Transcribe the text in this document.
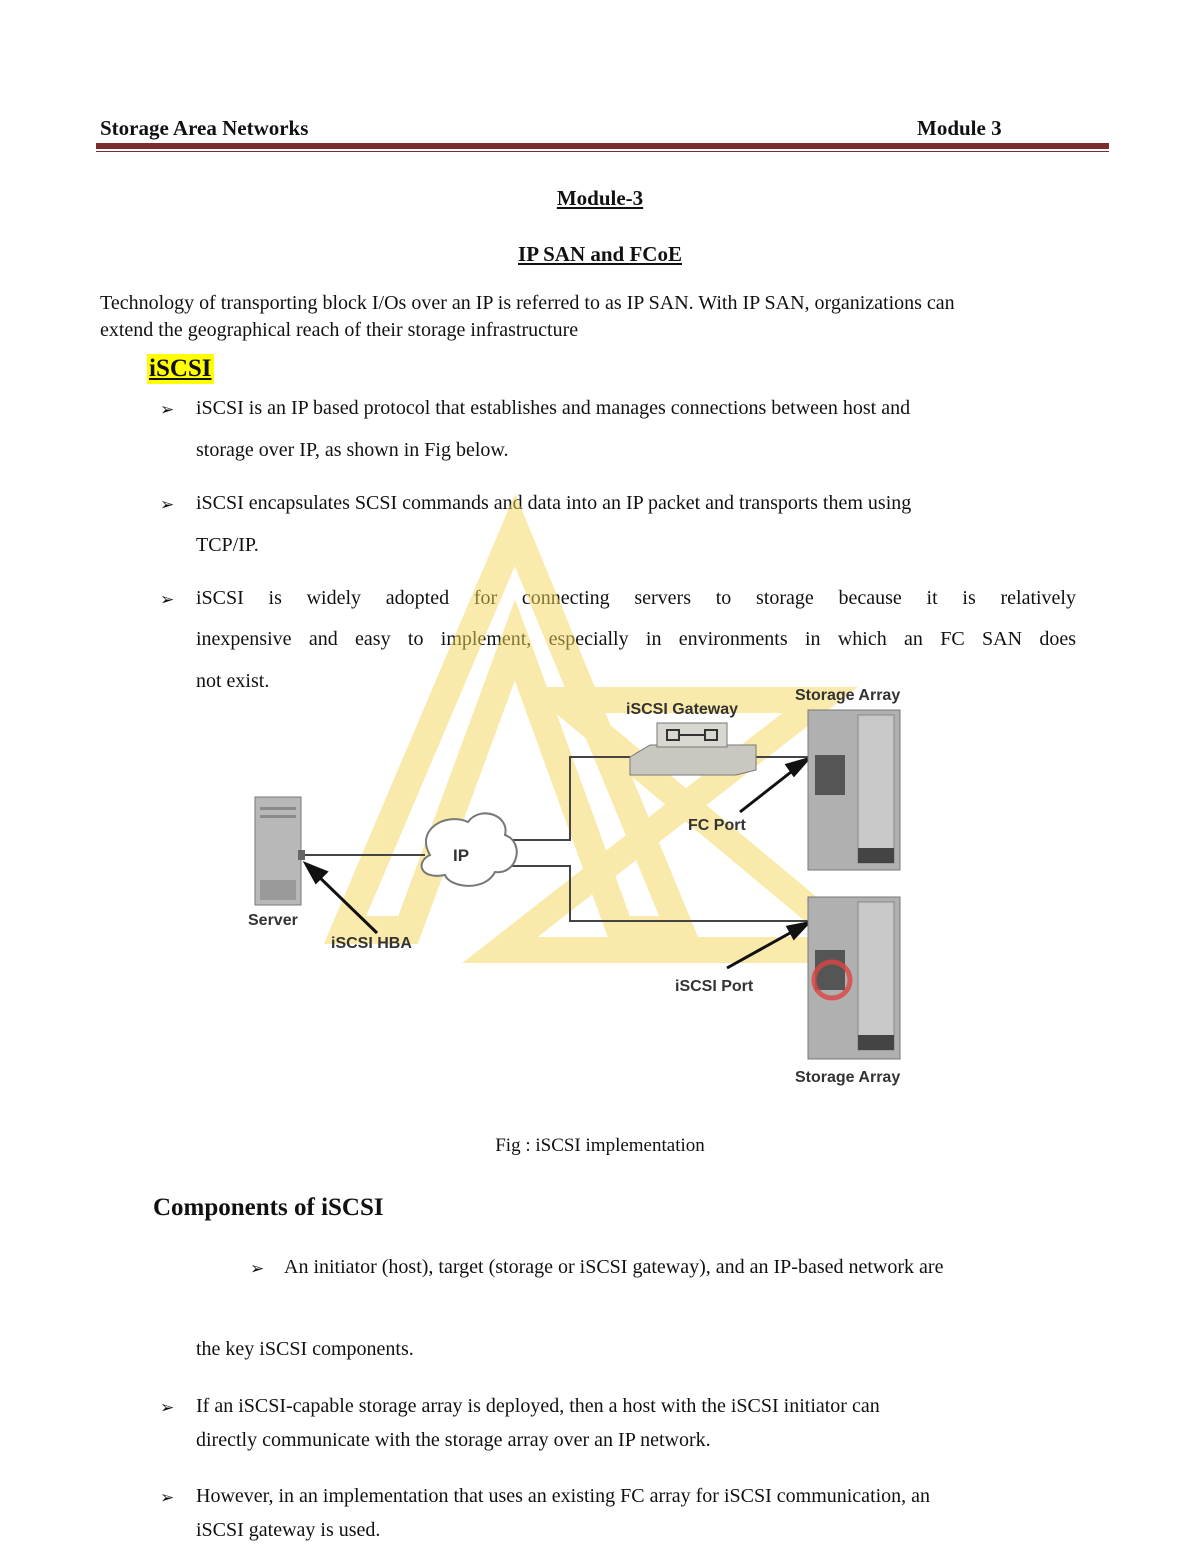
Storage Area Networks	Module 3
Module-3
IP SAN and FCoE
Technology of transporting block I/Os over an IP is referred to as IP SAN. With IP SAN, organizations can
extend the geographical reach of their storage infrastructure
iSCSI
➢ iSCSI is an IP based protocol that establishes and manages connections between host and
storage over IP, as shown in Fig below.
➢ iSCSI encapsulates SCSI commands and data into an IP packet and transports them using
TCP/IP.
➢ iSCSI is widely adopted for connecting servers to storage because it is relatively
inexpensive and easy to implement, especially in environments in which an FC SAN does
not exist.
Storage Array
iSCSI Gateway
FC Port
IP
Server
iSCSI HBA
iSCSI Port
Storage Array
Fig : iSCSI implementation
Components of iSCSI
➢ An initiator (host), target (storage or iSCSI gateway), and an IP-based network are
the key iSCSI components.
➢ If an iSCSI-capable storage array is deployed, then a host with the iSCSI initiator can
directly communicate with the storage array over an IP network.
➢ However, in an implementation that uses an existing FC array for iSCSI communication, an
iSCSI gateway is used.
